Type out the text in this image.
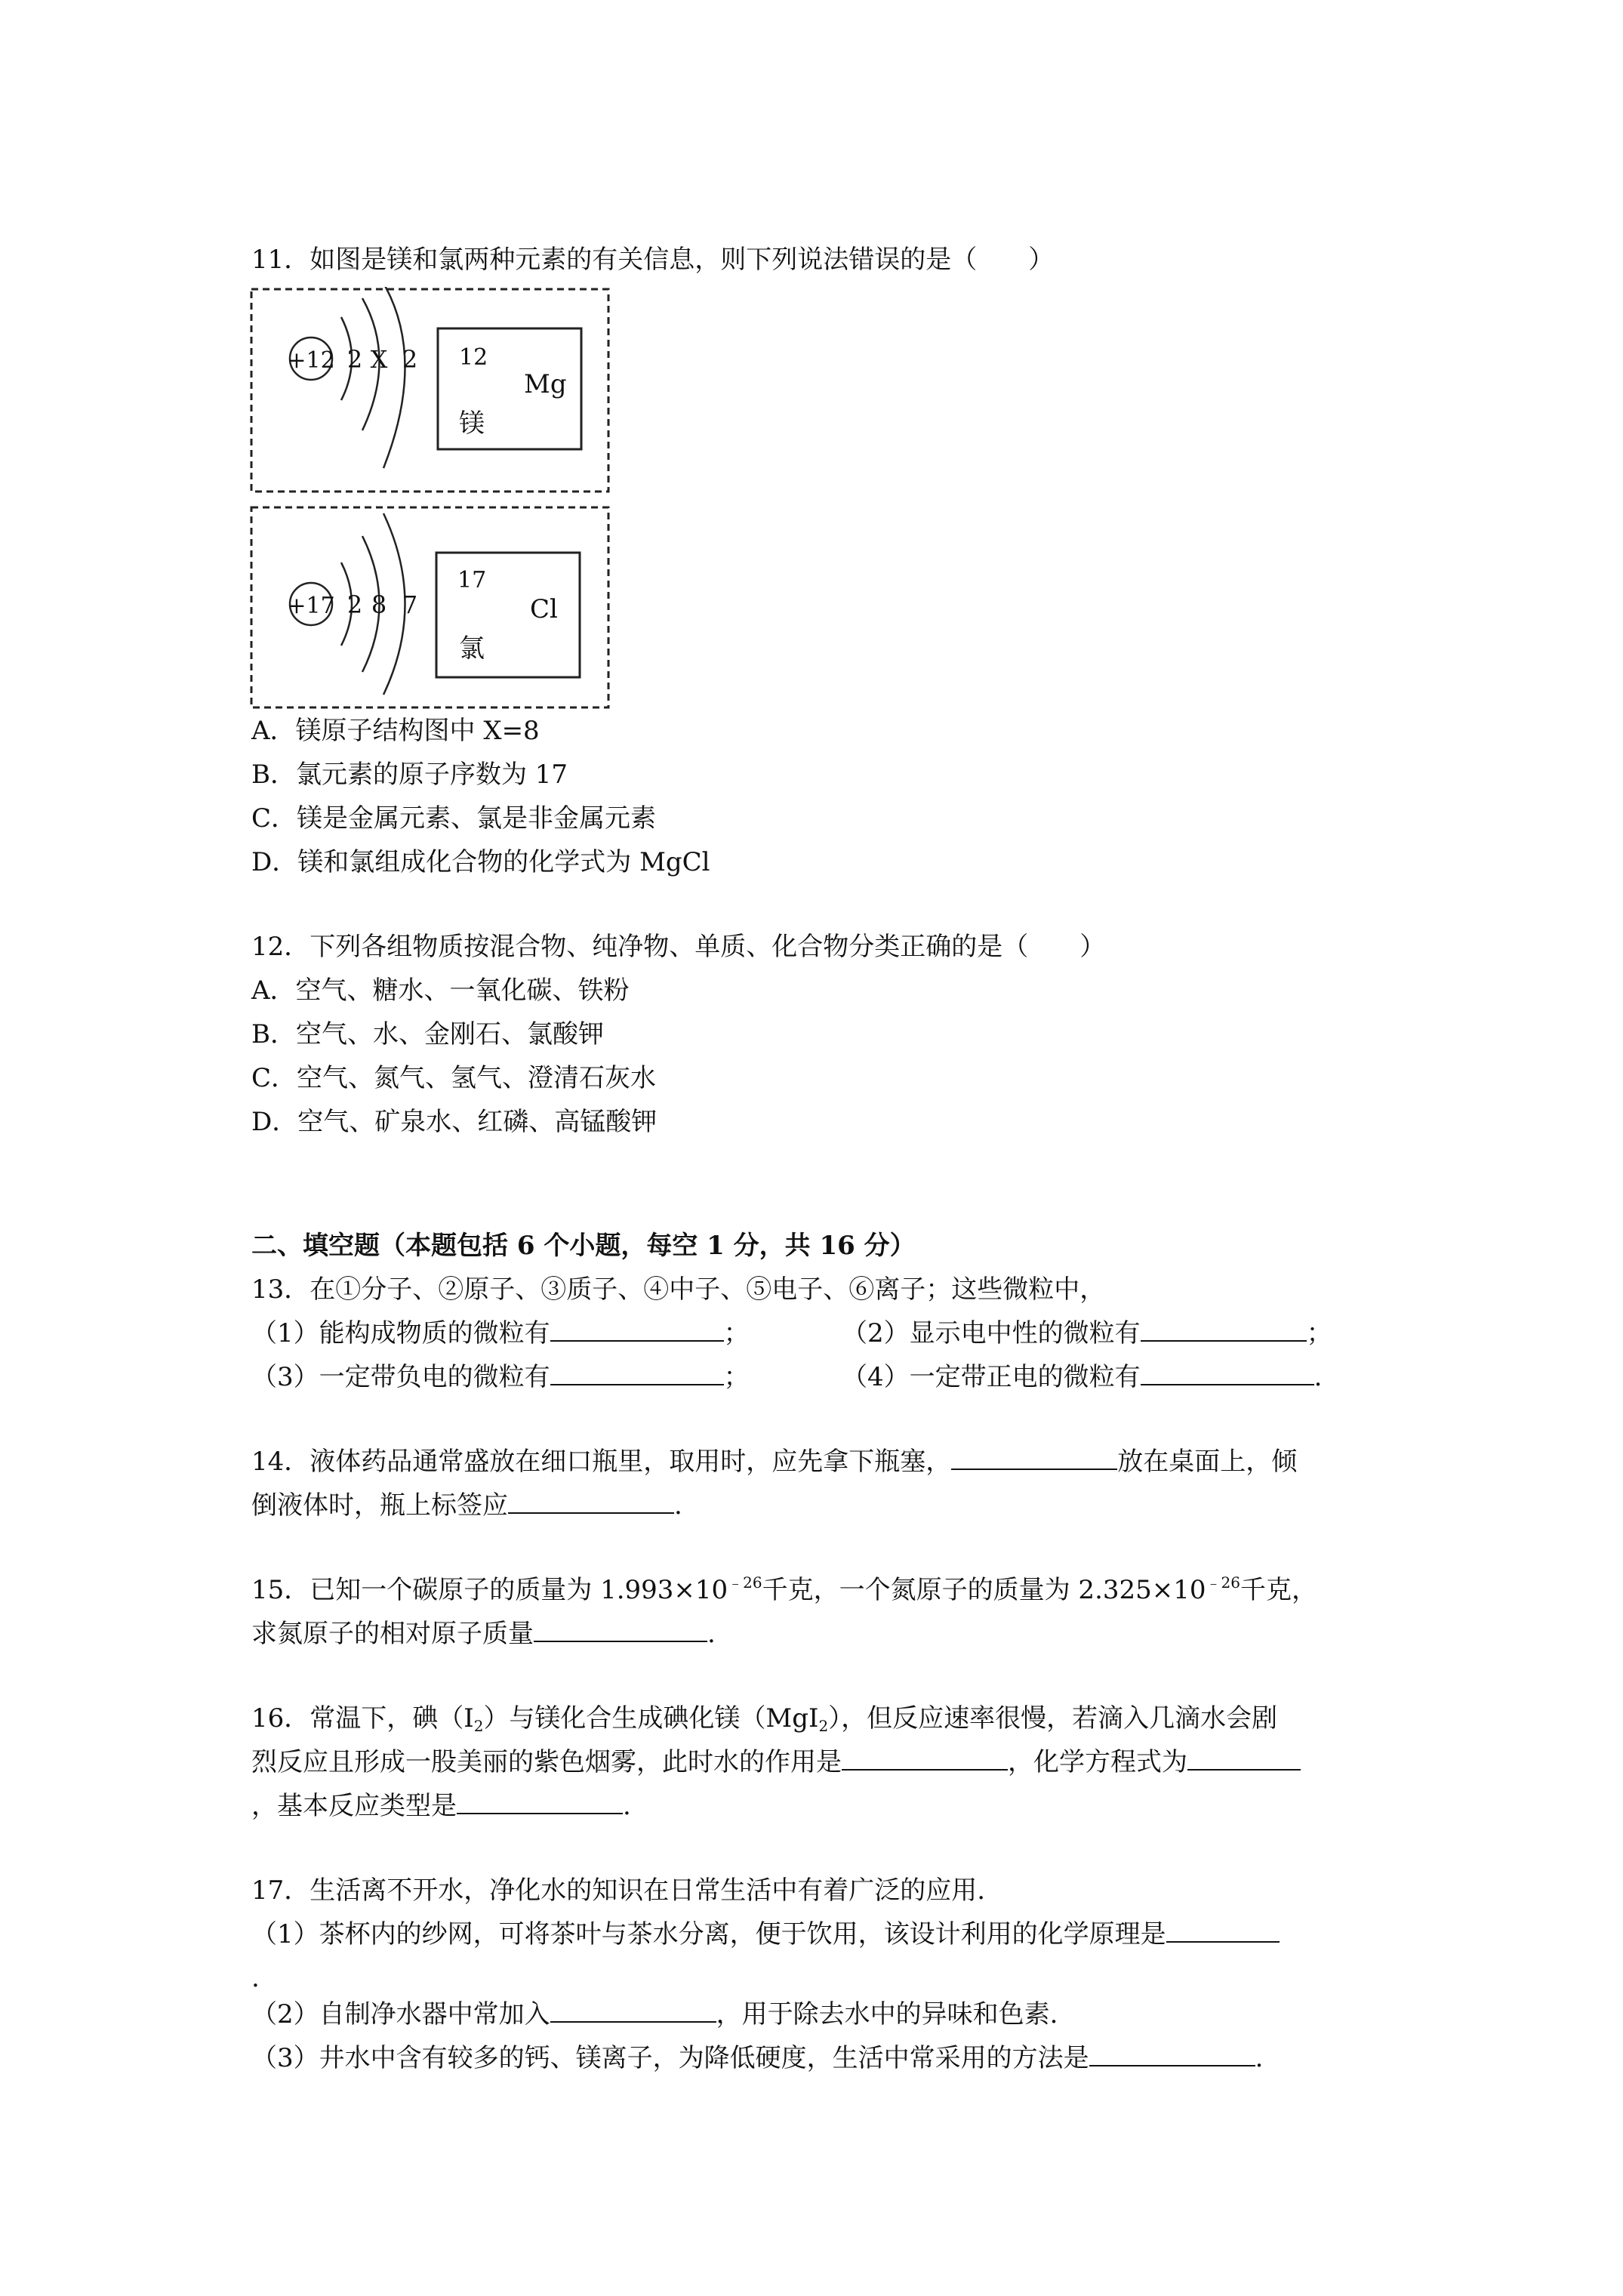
11．如图是镁和氯两种元素的有关信息，则下列说法错误的是（　　）
+12 2 X 2 12
Mg
镁
+17 2 8 7
17
Cl
氯
A．镁原子结构图中 X=8
B．氯元素的原子序数为 17
C．镁是金属元素、氯是非金属元素
D．镁和氯组成化合物的化学式为 MgCl
12．下列各组物质按混合物、纯净物、单质、化合物分类正确的是（　　）
A．空气、糖水、一氧化碳、铁粉
B．空气、水、金刚石、氯酸钾
C．空气、氮气、氢气、澄清石灰水
D．空气、矿泉水、红磷、高锰酸钾
二、填空题（本题包括 6 个小题，每空 1 分，共 16 分）
13．在①分子、②原子、③质子、④中子、⑤电子、⑥离子；这些微粒中，
（1）能构成物质的微粒有	；	（2）显示电中性的微粒有	；
（3）一定带负电的微粒有	；	（4）一定带正电的微粒有	.
14．液体药品通常盛放在细口瓶里，取用时，应先拿下瓶塞，	放在桌面上，倾
倒液体时，瓶上标签应	.
15．已知一个碳原子的质量为 $1.993\times 10^{﹣26}$千克，一个氮原子的质量为 $2.325\times 10^{﹣26}$千克，
求氮原子的相对原子质量	.
16．常温下，碘$(I_2)$与镁化合生成碘化镁（MgI$_2$），但反应速率很慢，若滴入几滴水会剧
烈反应且形成一股美丽的紫色烟雾，此时水的作用是	，化学方程式为
，基本反应类型是	.
17．生活离不开水，净化水的知识在日常生活中有着广泛的应用.
（1）茶杯内的纱网，可将茶叶与茶水分离，便于饮用，该设计利用的化学原理是
.
（2）自制净水器中常加入	，用于除去水中的异味和色素.
（3）井水中含有较多的钙、镁离子，为降低硬度，生活中常采用的方法是	.
